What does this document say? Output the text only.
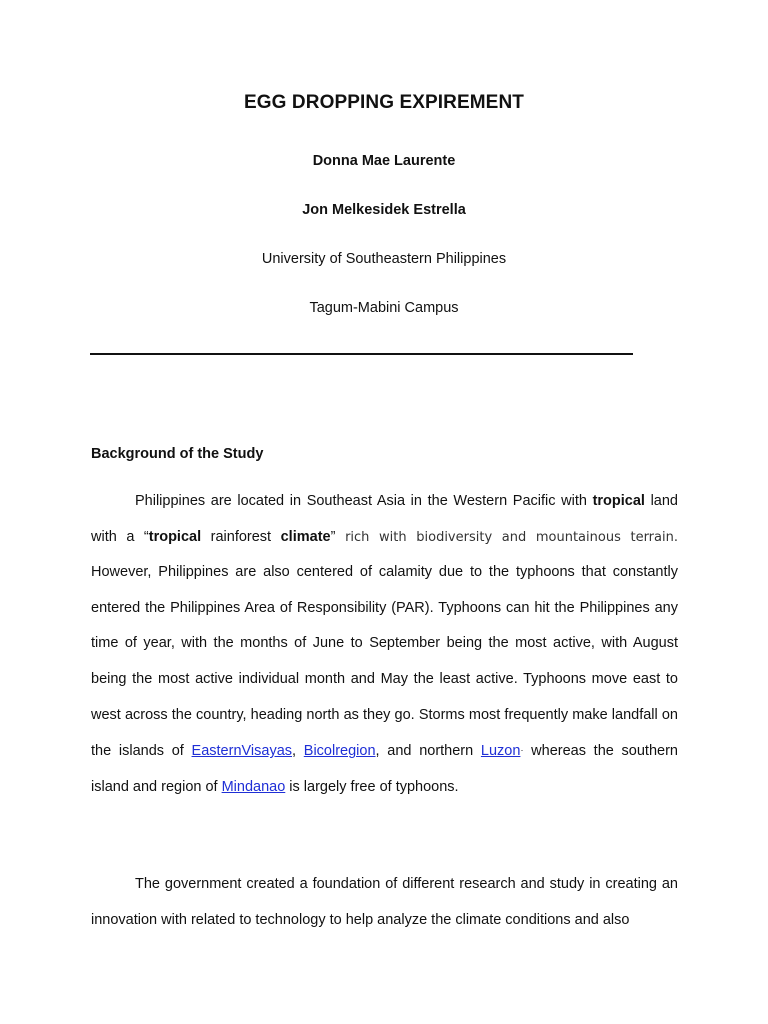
EGG DROPPING EXPIREMENT
Donna Mae Laurente
Jon Melkesidek Estrella
University of Southeastern Philippines
Tagum-Mabini Campus
Background of the Study

Philippines are located in Southeast Asia in the Western Pacific with tropical land with a “tropical rainforest climate” rich with biodiversity and mountainous terrain. However, Philippines are also centered of calamity due to the typhoons that constantly entered the Philippines Area of Responsibility (PAR). Typhoons can hit the Philippines any time of year, with the months of June to September being the most active, with August being the most active individual month and May the least active. Typhoons move east to west across the country, heading north as they go. Storms most frequently make landfall on the islands of EasternVisayas, Bicolregion, and northern Luzon· whereas the southern island and region of Mindanao is largely free of typhoons.

The government created a foundation of different research and study in creating an innovation with related to technology to help analyze the climate conditions and also
